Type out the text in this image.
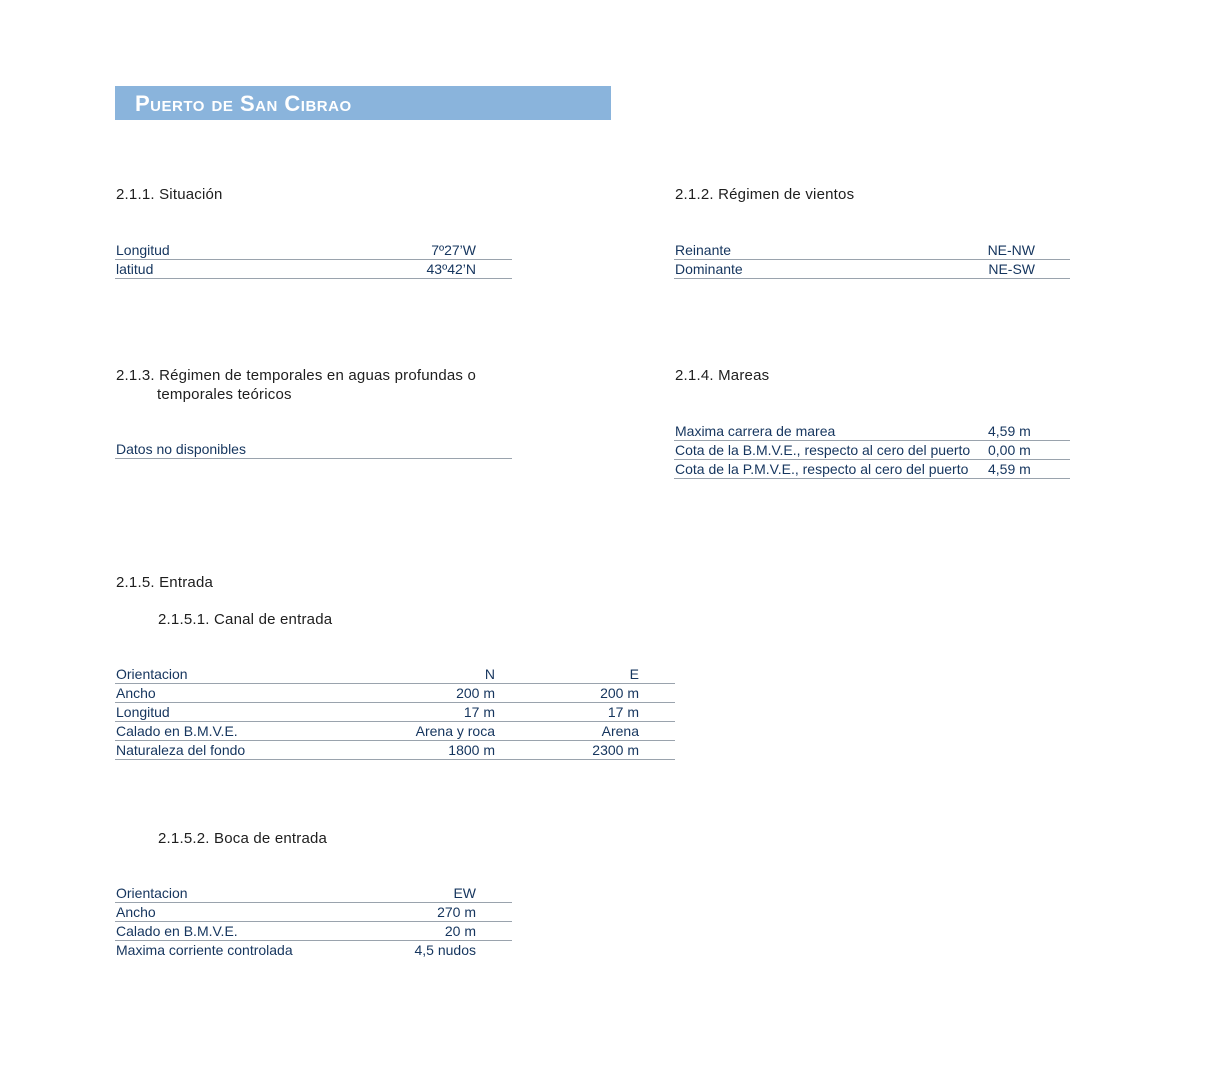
Puerto de San Cibrao
2.1.1. Situación
Longitud	7º27’W
latitud	43º42’N
2.1.2. Régimen de vientos
Reinante	NE-NW
Dominante	NE-SW
2.1.3. Régimen de temporales en aguas profundas o
temporales teóricos
Datos no disponibles
2.1.4. Mareas
Maxima carrera de marea	4,59 m
Cota de la B.M.V.E., respecto al cero del puerto 0,00 m
Cota de la P.M.V.E., respecto al cero del puerto 4,59 m
2.1.5. Entrada
2.1.5.1. Canal de entrada
Orientacion	N	E
Ancho	200 m	200 m
Longitud	17 m	17 m
Calado en B.M.V.E.	Arena y roca	Arena
Naturaleza del fondo	1800 m	2300 m
2.1.5.2. Boca de entrada
Orientacion	EW
Ancho	270 m
Calado en B.M.V.E.	20 m
Maxima corriente controlada	4,5 nudos
